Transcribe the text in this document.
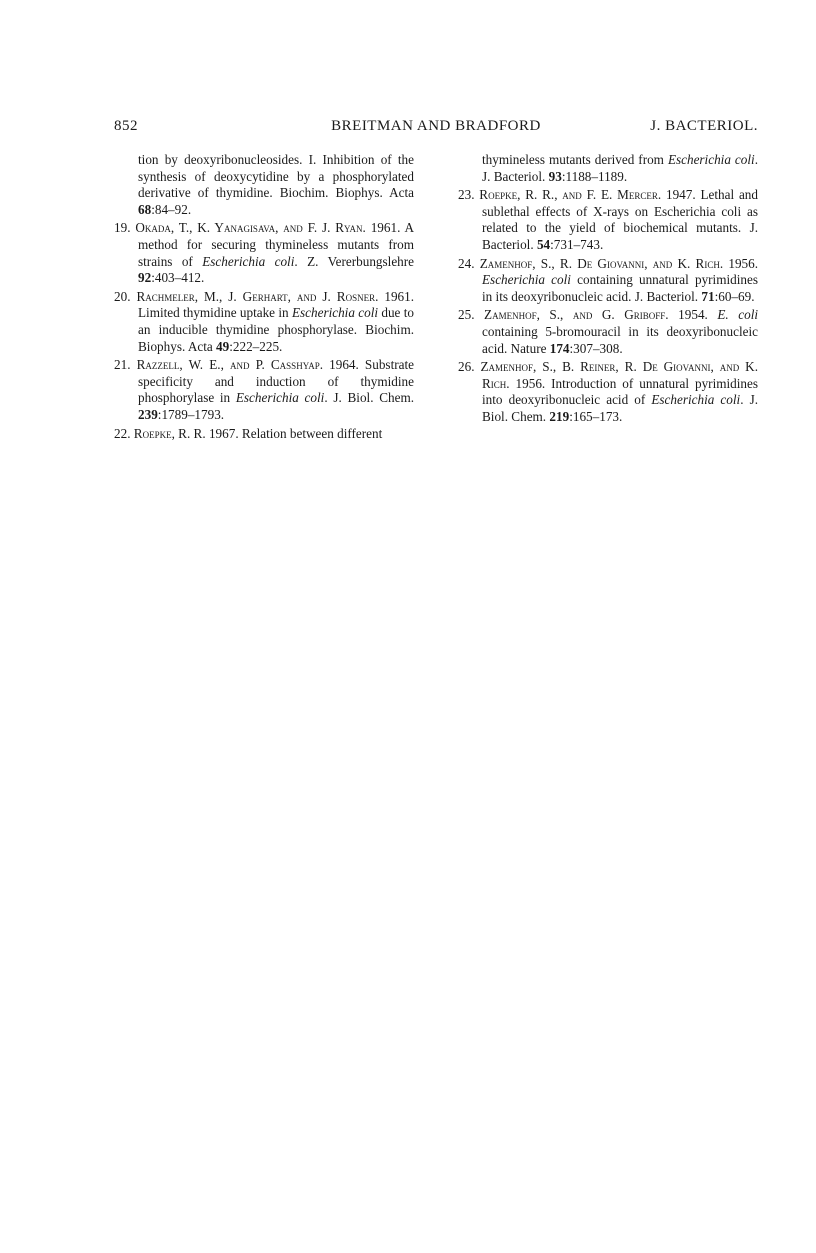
852	BREITMAN AND BRADFORD	J. BACTERIOL.

tion by deoxyribonucleosides. I. Inhibition of the synthesis of deoxycytidine by a phosphorylated derivative of thymidine. Biochim. Biophys. Acta 68:84–92.

19. Okada, T., K. Yanagisava, and F. J. Ryan. 1961. A method for securing thymineless mutants from strains of Escherichia coli. Z. Vererbungslehre 92:403–412.

20. Rachmeler, M., J. Gerhart, and J. Rosner. 1961. Limited thymidine uptake in Escherichia coli due to an inducible thymidine phosphorylase. Biochim. Biophys. Acta 49:222–225.

21. Razzell, W. E., and P. Casshyap. 1964. Substrate specificity and induction of thymidine phosphorylase in Escherichia coli. J. Biol. Chem. 239:1789–1793.

22. Roepke, R. R. 1967. Relation between different

thymineless mutants derived from Escherichia coli. J. Bacteriol. 93:1188–1189.

23. Roepke, R. R., and F. E. Mercer. 1947. Lethal and sublethal effects of X-rays on Escherichia coli as related to the yield of biochemical mutants. J. Bacteriol. 54:731–743.

24. Zamenhof, S., R. De Giovanni, and K. Rich. 1956. Escherichia coli containing unnatural pyrimidines in its deoxyribonucleic acid. J. Bacteriol. 71:60–69.

25. Zamenhof, S., and G. Griboff. 1954. E. coli containing 5-bromouracil in its deoxyribonucleic acid. Nature 174:307–308.

26. Zamenhof, S., B. Reiner, R. De Giovanni, and K. Rich. 1956. Introduction of unnatural pyrimidines into deoxyribonucleic acid of Escherichia coli. J. Biol. Chem. 219:165–173.
